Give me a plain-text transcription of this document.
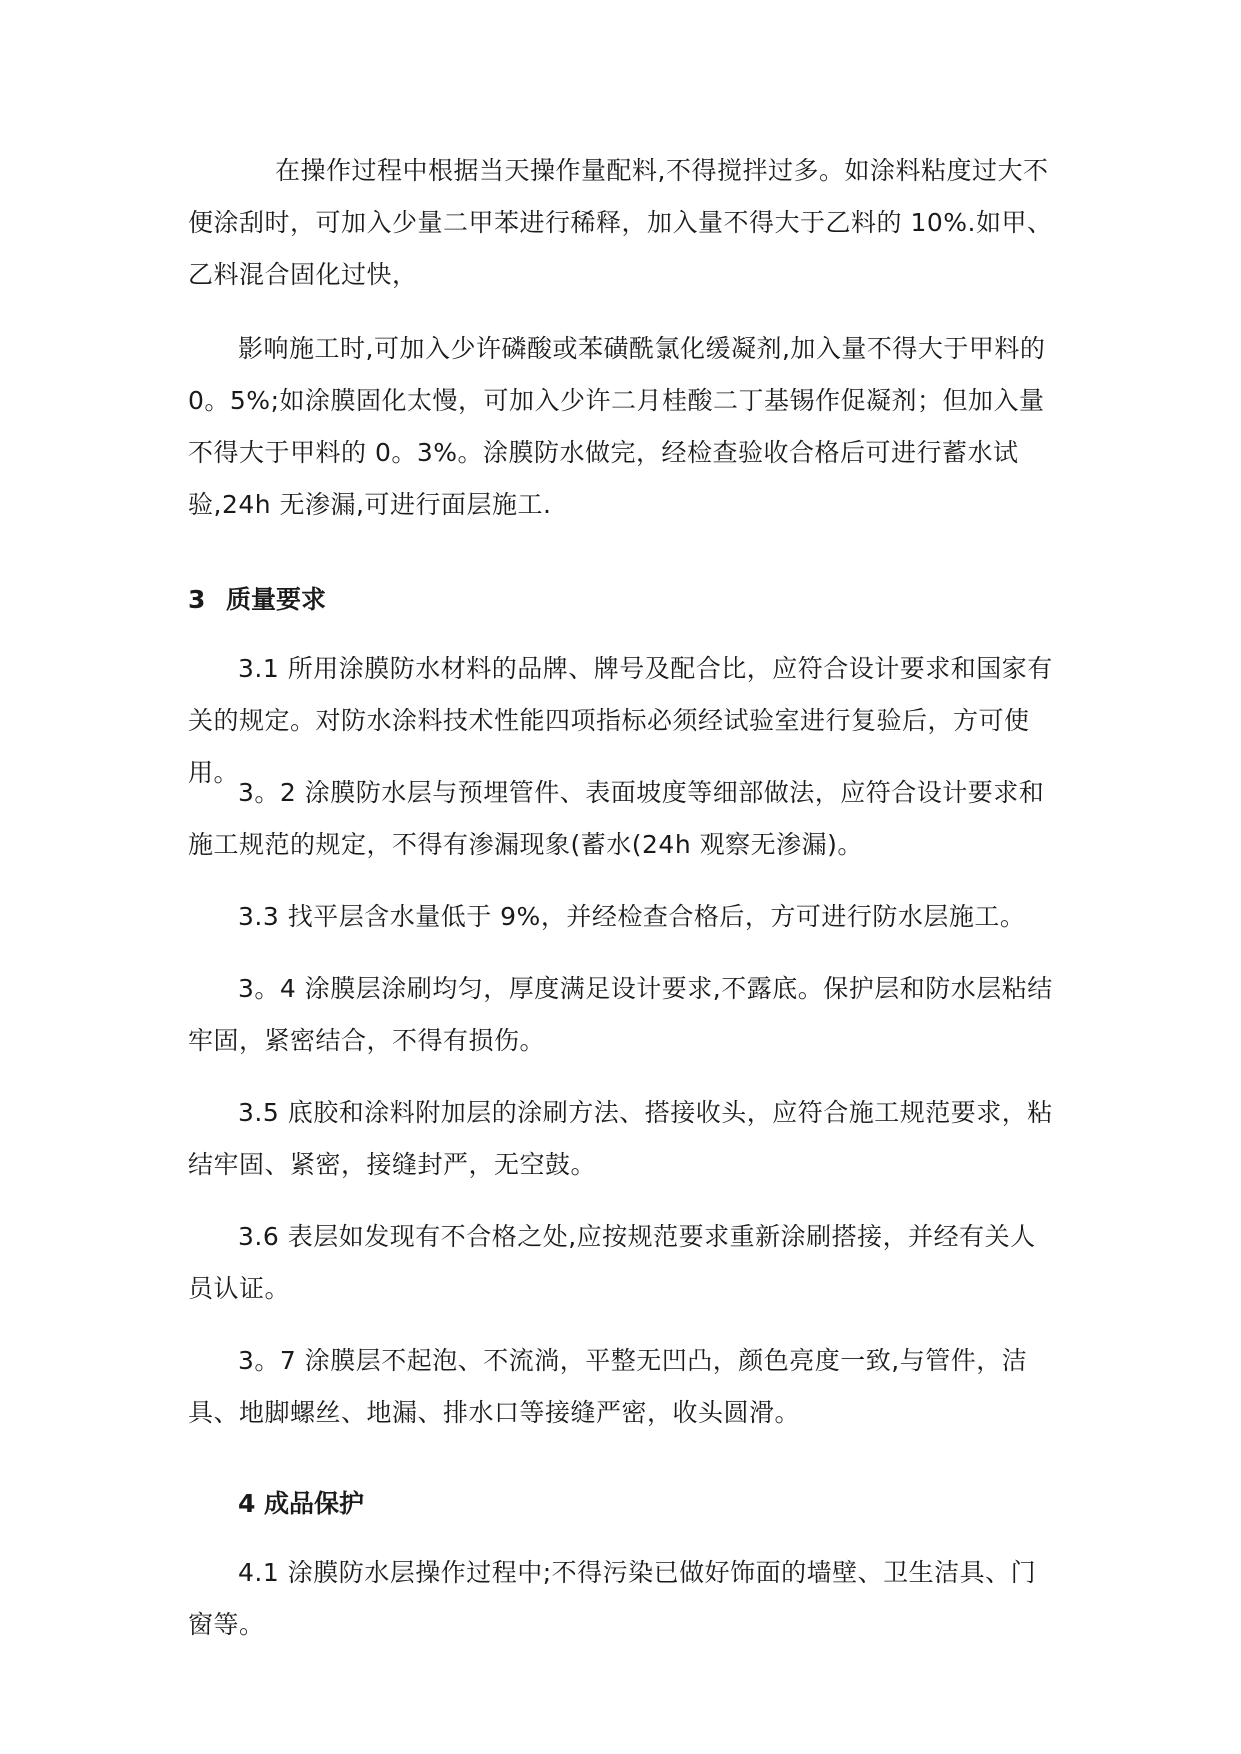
在操作过程中根据当天操作量配料,不得搅拌过多。如涂料粘度过大不便涂刮时，可加入少量二甲苯进行稀释，加入量不得大于乙料的 10%.如甲、乙料混合固化过快，

影响施工时,可加入少许磷酸或苯磺酰氯化缓凝剂,加入量不得大于甲料的0。5%;如涂膜固化太慢，可加入少许二月桂酸二丁基锡作促凝剂；但加入量不得大于甲料的 0。3%。涂膜防水做完，经检查验收合格后可进行蓄水试验,24h 无渗漏,可进行面层施工.

3 质量要求

3.1 所用涂膜防水材料的品牌、牌号及配合比，应符合设计要求和国家有关的规定。对防水涂料技术性能四项指标必须经试验室进行复验后，方可使用。

3。2 涂膜防水层与预埋管件、表面坡度等细部做法，应符合设计要求和施工规范的规定，不得有渗漏现象(蓄水(24h 观察无渗漏)。

3.3 找平层含水量低于 9%，并经检查合格后，方可进行防水层施工。

3。4 涂膜层涂刷均匀，厚度满足设计要求,不露底。保护层和防水层粘结牢固，紧密结合，不得有损伤。

3.5 底胶和涂料附加层的涂刷方法、搭接收头，应符合施工规范要求，粘结牢固、紧密，接缝封严，无空鼓。

3.6 表层如发现有不合格之处,应按规范要求重新涂刷搭接，并经有关人员认证。

3。7 涂膜层不起泡、不流淌，平整无凹凸，颜色亮度一致,与管件，洁具、地脚螺丝、地漏、排水口等接缝严密，收头圆滑。

4 成品保护

4.1 涂膜防水层操作过程中;不得污染已做好饰面的墙壁、卫生洁具、门窗等。
